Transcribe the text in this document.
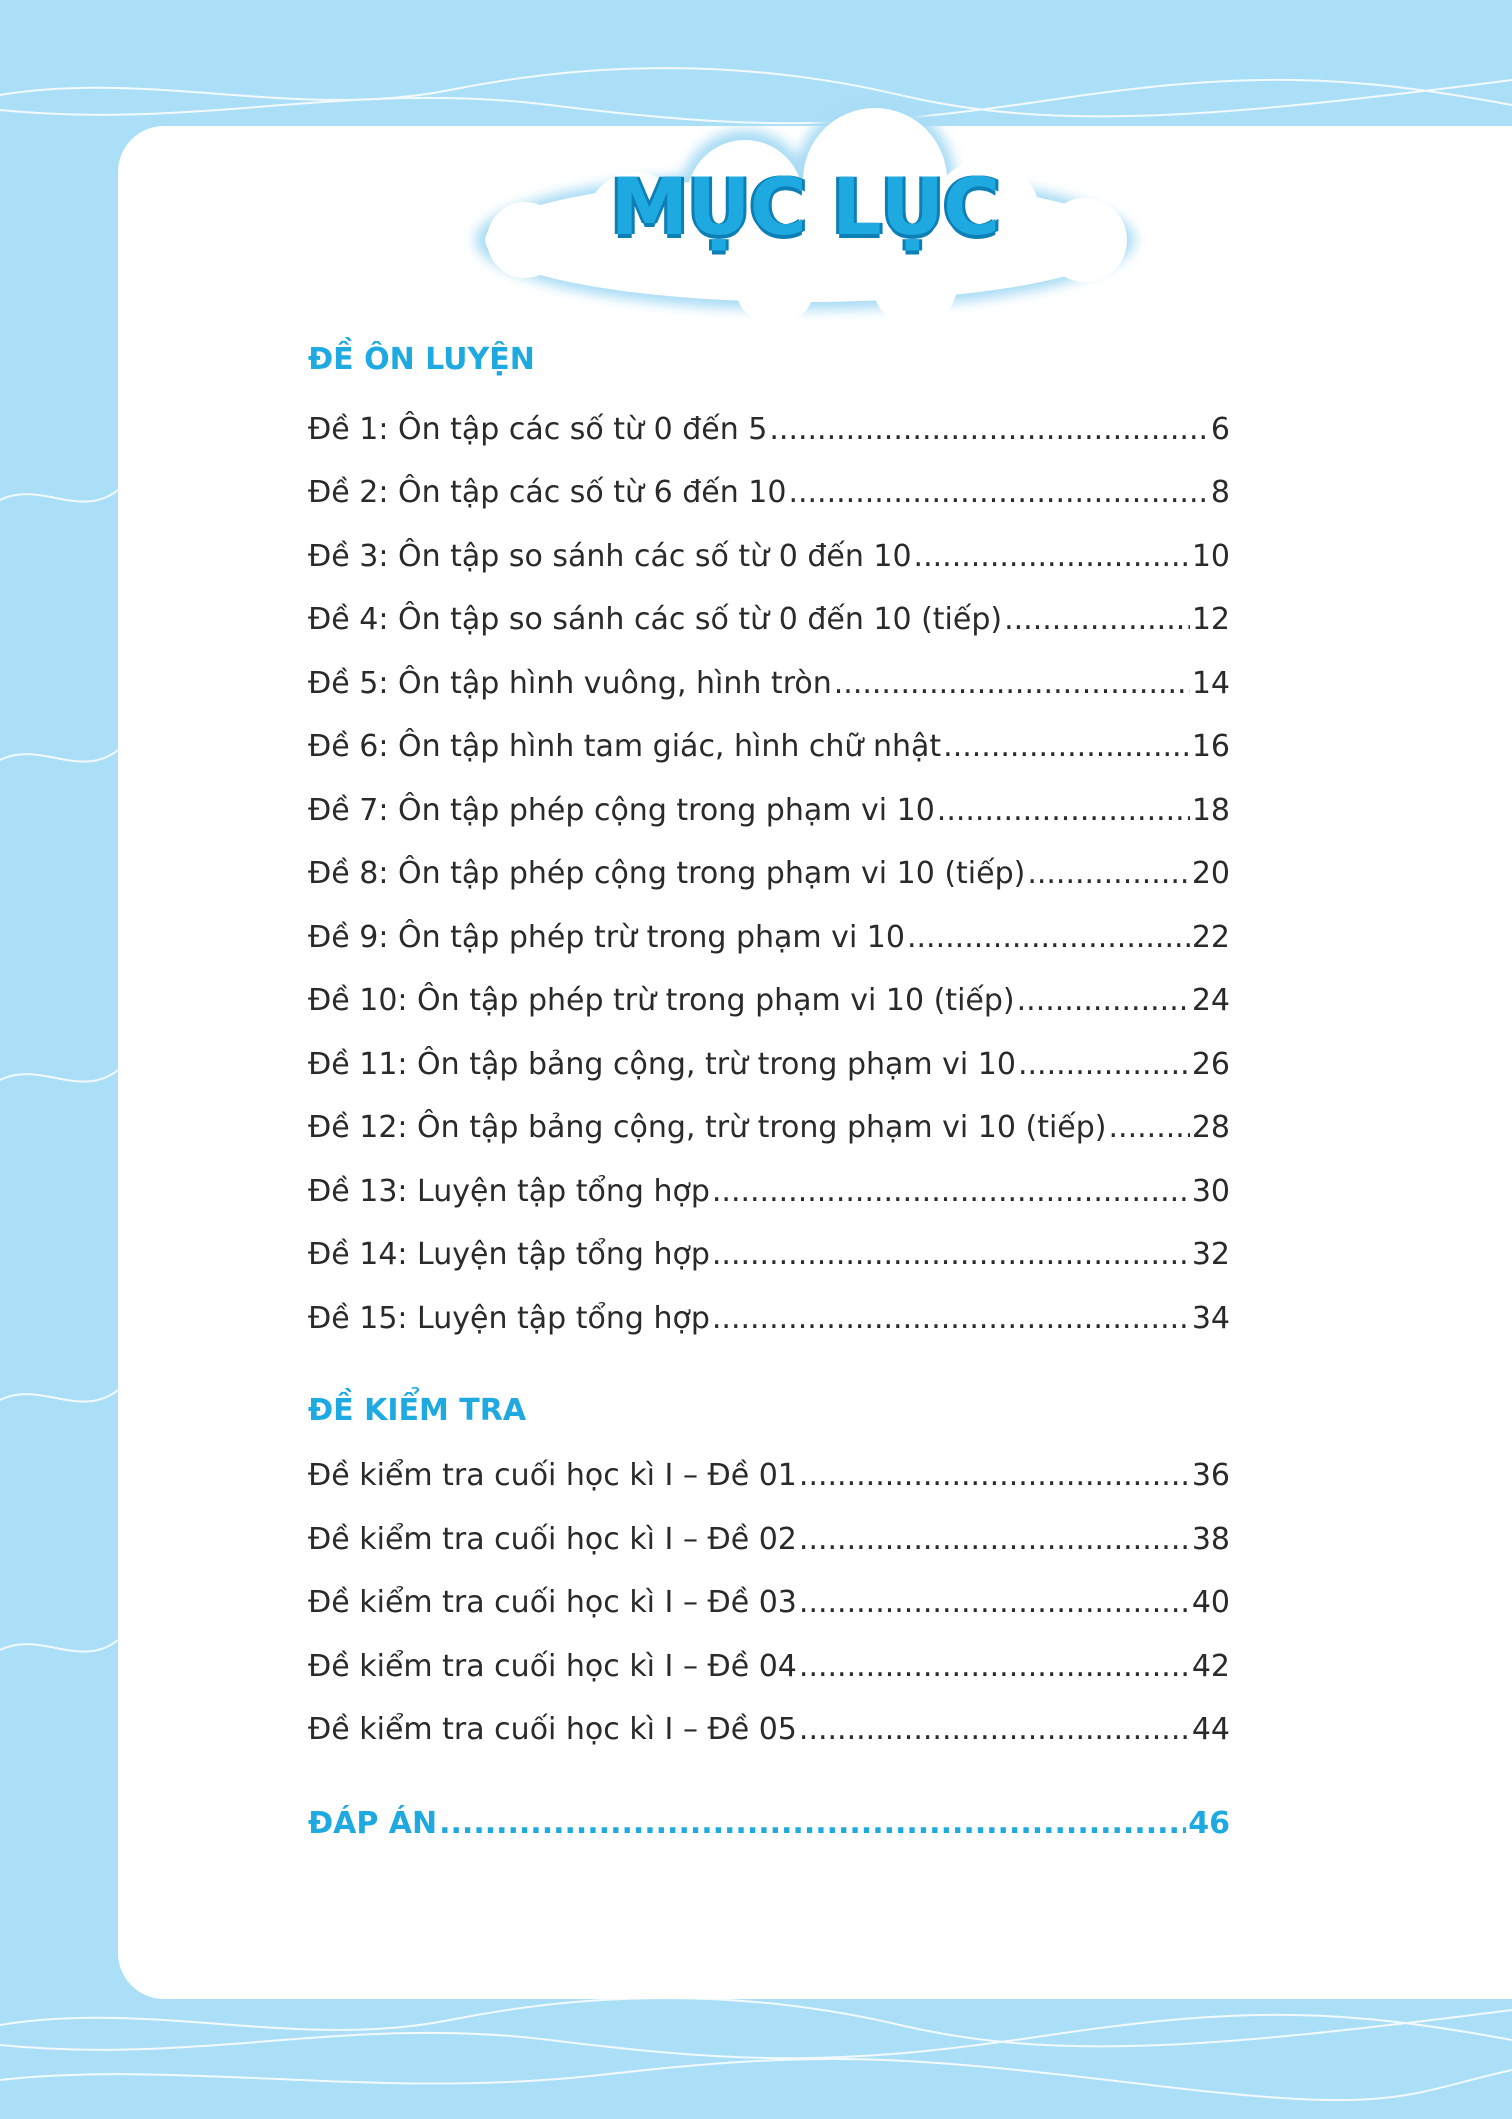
MỤC LỤC
ĐỀ ÔN LUYỆN
Đề 1: Ôn tập các số từ 0 đến 5 .....	6
Đề 2: Ôn tập các số từ 6 đến 10 .....	8
Đề 3: Ôn tập so sánh các số từ 0 đến 10 .....	10
Đề 4: Ôn tập so sánh các số từ 0 đến 10 (tiếp) .....	12
Đề 5: Ôn tập hình vuông, hình tròn .....	14
Đề 6: Ôn tập hình tam giác, hình chữ nhật .....	16
Đề 7: Ôn tập phép cộng trong phạm vi 10 .....	18
Đề 8: Ôn tập phép cộng trong phạm vi 10 (tiếp) .....	20
Đề 9: Ôn tập phép trừ trong phạm vi 10 .....	22
Đề 10: Ôn tập phép trừ trong phạm vi 10 (tiếp) .....	24
Đề 11: Ôn tập bảng cộng, trừ trong phạm vi 10 .....	26
Đề 12: Ôn tập bảng cộng, trừ trong phạm vi 10 (tiếp) .....	28
Đề 13: Luyện tập tổng hợp .....	30
Đề 14: Luyện tập tổng hợp .....	32
Đề 15: Luyện tập tổng hợp .....	34
ĐỀ KIỂM TRA
Đề kiểm tra cuối học kì I – Đề 01 .....	36
Đề kiểm tra cuối học kì I – Đề 02 .....	38
Đề kiểm tra cuối học kì I – Đề 03 .....	40
Đề kiểm tra cuối học kì I – Đề 04 .....	42
Đề kiểm tra cuối học kì I – Đề 05 .....	44
ĐÁP ÁN .....	46
